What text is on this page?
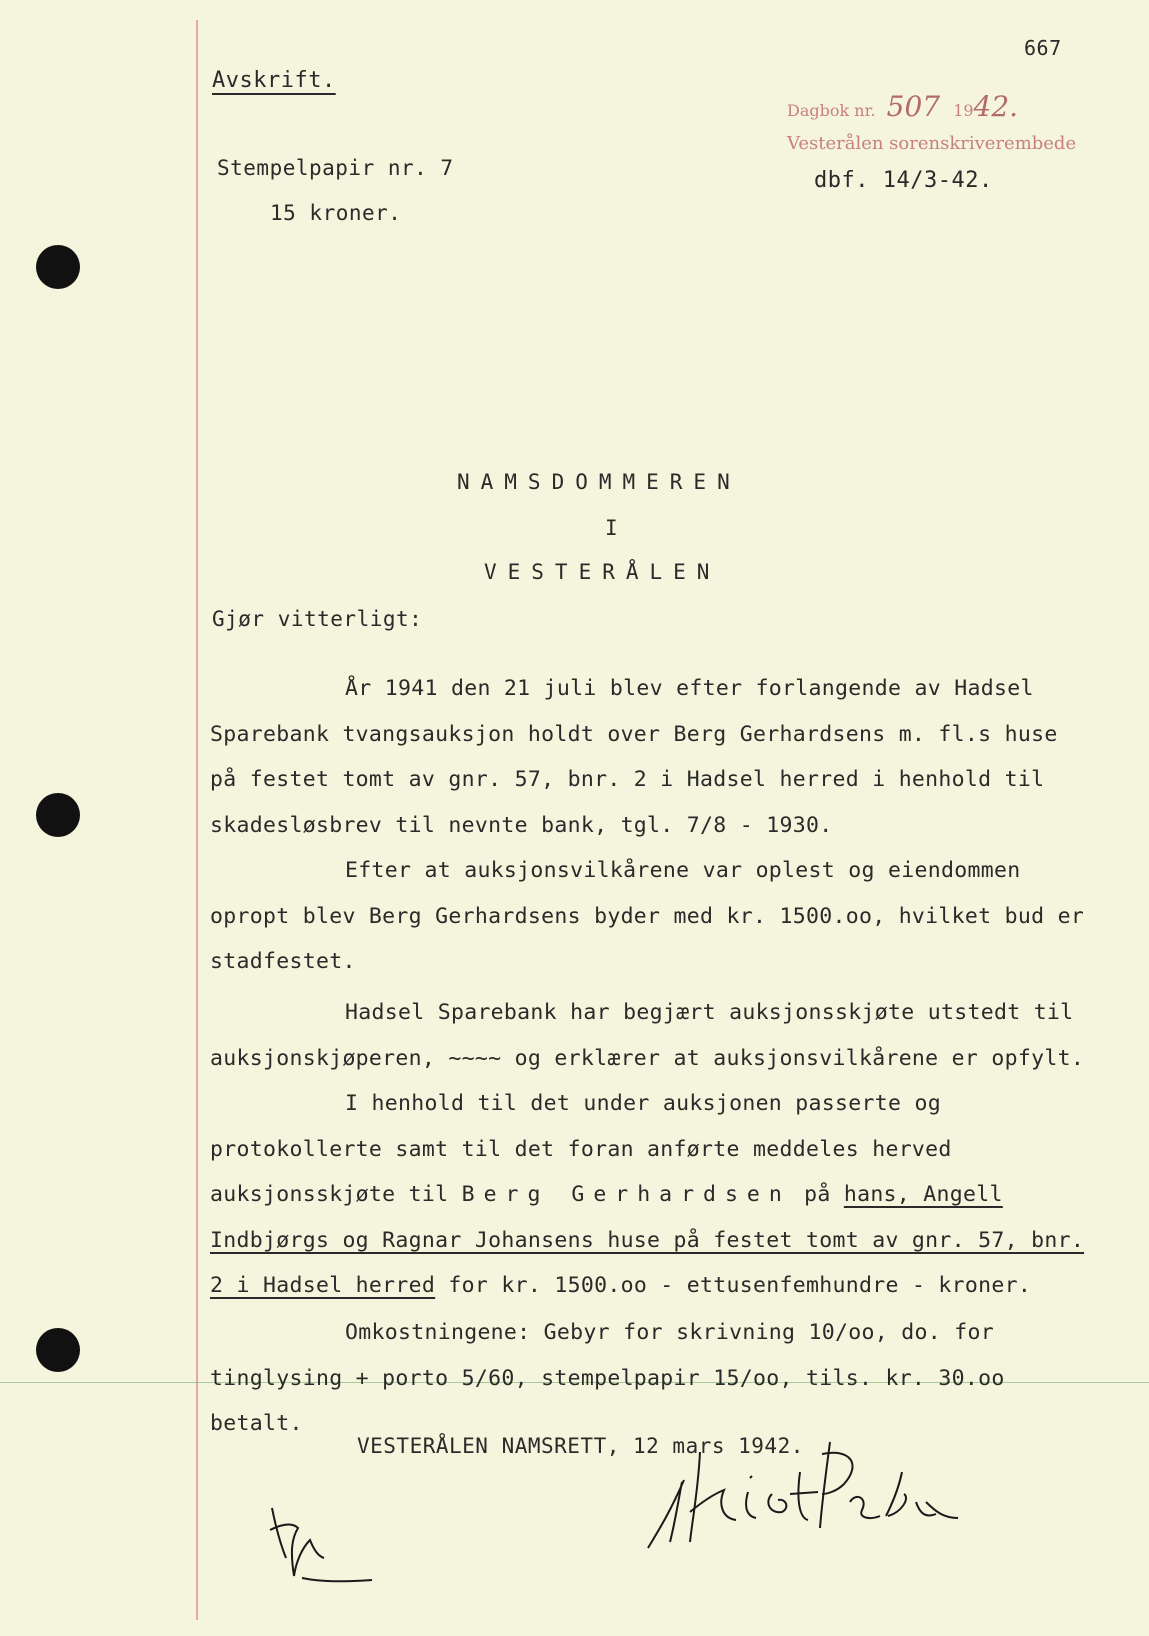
667
Avskrift.
Dagbok nr. 507 1942.
Vesterålen sorenskriverembede
Stempelpapir nr. 7	dbf. 14/3-42.
15 kroner.
NAMSDOMMEREN
I
VESTERÅLEN
Gjør vitterligt:

År 1941 den 21 juli blev efter forlangende av Hadsel Sparebank tvangsauksjon holdt over Berg Gerhardsens m. fl.s huse på festet tomt av gnr. 57, bnr. 2 i Hadsel herred i henhold til skadesløsbrev til nevnte bank, tgl. 7/8 - 1930.

Efter at auksjonsvilkårene var oplest og eiendommen opropt blev Berg Gerhardsens byder med kr. 1500.oo, hvilket bud er stadfestet.

Hadsel Sparebank har begjært auksjonsskjøte utstedt til auksjonskjøperen, ~~~~ og erklærer at auksjonsvilkårene er opfylt.

I henhold til det under auksjonen passerte og protokollerte samt til det foran anførte meddeles herved auksjonsskjøte til Berg Gerhardsen på hans, Angell Indbjørgs og Ragnar Johansens huse på festet tomt av gnr. 57, bnr. 2 i Hadsel herred for kr. 1500.oo - ettusenfemhundre - kroner.

Omkostningene: Gebyr for skrivning 10/oo, do. for tinglysing + porto 5/60, stempelpapir 15/oo, tils. kr. 30.oo betalt.

VESTERÅLEN NAMSRETT, 12 mars 1942.
